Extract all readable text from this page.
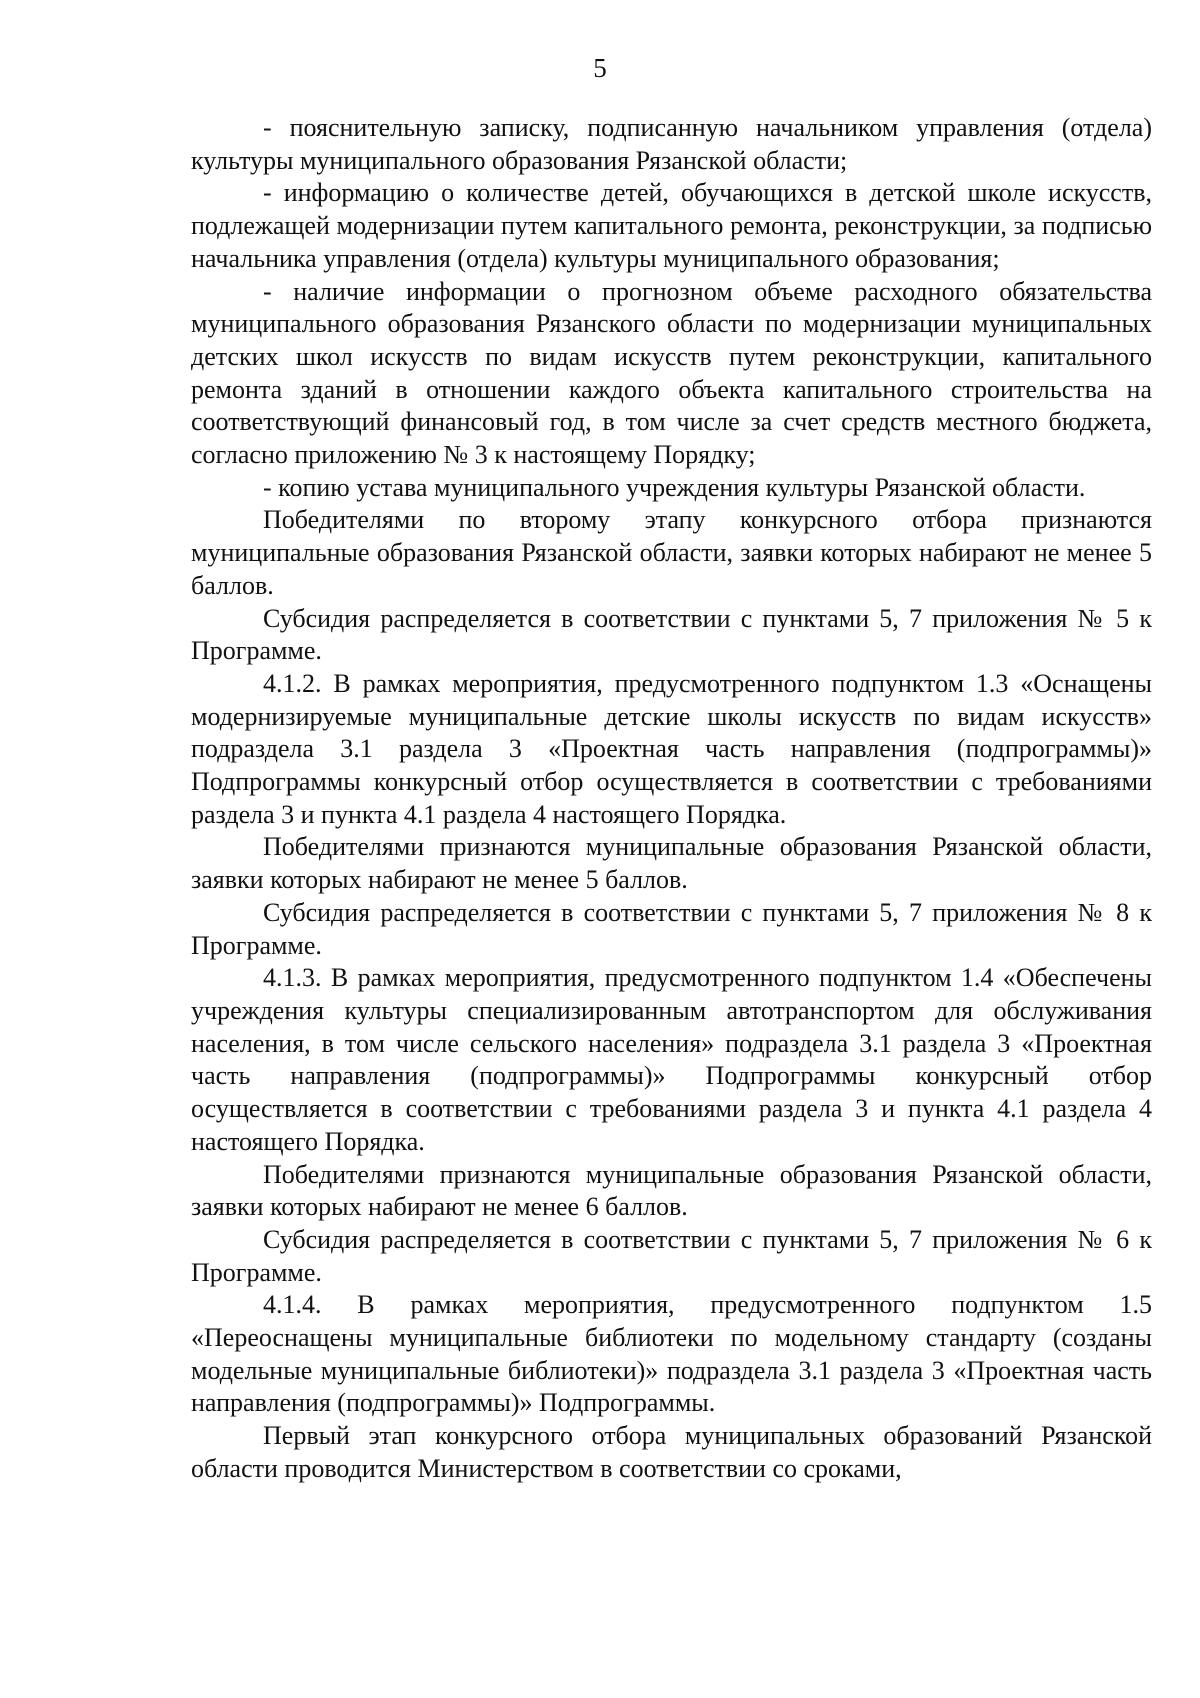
5

- пояснительную записку, подписанную начальником управления (отдела) культуры муниципального образования Рязанской области;

- информацию о количестве детей, обучающихся в детской школе искусств, подлежащей модернизации путем капитального ремонта, реконструкции, за подписью начальника управления (отдела) культуры муниципального образования;

- наличие информации о прогнозном объеме расходного обязательства муниципального образования Рязанского области по модернизации муниципальных детских школ искусств по видам искусств путем реконструкции, капитального ремонта зданий в отношении каждого объекта капитального строительства на соответствующий финансовый год, в том числе за счет средств местного бюджета, согласно приложению № 3 к настоящему Порядку;

- копию устава муниципального учреждения культуры Рязанской области.

Победителями по второму этапу конкурсного отбора признаются муниципальные образования Рязанской области, заявки которых набирают не менее 5 баллов.

Субсидия распределяется в соответствии с пунктами 5, 7 приложения № 5 к Программе.

4.1.2. В рамках мероприятия, предусмотренного подпунктом 1.3 «Оснащены модернизируемые муниципальные детские школы искусств по видам искусств» подраздела 3.1 раздела 3 «Проектная часть направления (подпрограммы)» Подпрограммы конкурсный отбор осуществляется в соответствии с требованиями раздела 3 и пункта 4.1 раздела 4 настоящего Порядка.

Победителями признаются муниципальные образования Рязанской области, заявки которых набирают не менее 5 баллов.

Субсидия распределяется в соответствии с пунктами 5, 7 приложения № 8 к Программе.

4.1.3. В рамках мероприятия, предусмотренного подпунктом 1.4 «Обеспечены учреждения культуры специализированным автотранспортом для обслуживания населения, в том числе сельского населения» подраздела 3.1 раздела 3 «Проектная часть направления (подпрограммы)» Подпрограммы конкурсный отбор осуществляется в соответствии с требованиями раздела 3 и пункта 4.1 раздела 4 настоящего Порядка.

Победителями признаются муниципальные образования Рязанской области, заявки которых набирают не менее 6 баллов.

Субсидия распределяется в соответствии с пунктами 5, 7 приложения № 6 к Программе.

4.1.4. В рамках мероприятия, предусмотренного подпунктом 1.5 «Переоснащены муниципальные библиотеки по модельному стандарту (созданы модельные муниципальные библиотеки)» подраздела 3.1 раздела 3 «Проектная часть направления (подпрограммы)» Подпрограммы.

Первый этап конкурсного отбора муниципальных образований Рязанской области проводится Министерством в соответствии со сроками,
